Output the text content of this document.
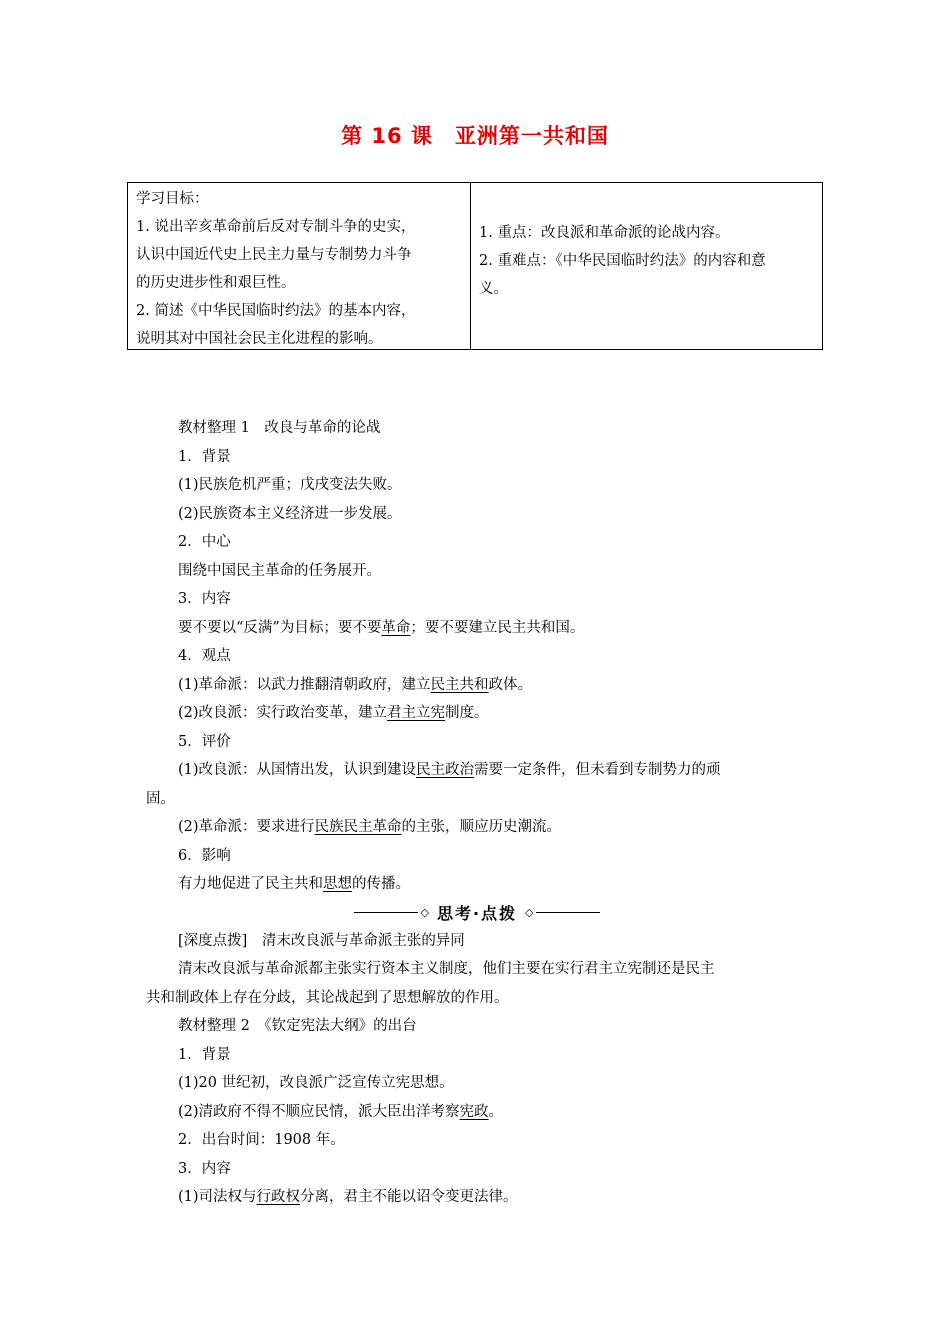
第 16 课　亚洲第一共和国
学习目标：
1. 说出辛亥革命前后反对专制斗争的史实，
认识中国近代史上民主力量与专制势力斗争
的历史进步性和艰巨性。
2. 简述《中华民国临时约法》的基本内容，
说明其对中国社会民主化进程的影响。
1. 重点：改良派和革命派的论战内容。
2. 重难点：《中华民国临时约法》的内容和意
义。
教材整理 1　改良与革命的论战
1．背景
(1)民族危机严重；戊戌变法失败。
(2)民族资本主义经济进一步发展。
2．中心
围绕中国民主革命的任务展开。
3．内容
要不要以“反满”为目标；要不要革命；要不要建立民主共和国。
4．观点
(1)革命派：以武力推翻清朝政府，建立民主共和政体。
(2)改良派：实行政治变革，建立君主立宪制度。
5．评价
(1)改良派：从国情出发，认识到建设民主政治需要一定条件，但未看到专制势力的顽
固。
(2)革命派：要求进行民族民主革命的主张，顺应历史潮流。
6．影响
有力地促进了民主共和思想的传播。
◇ 思考·点拨 ◇
[深度点拨]　清末改良派与革命派主张的异同
清末改良派与革命派都主张实行资本主义制度，他们主要在实行君主立宪制还是民主
共和制政体上存在分歧，其论战起到了思想解放的作用。
教材整理 2　《钦定宪法大纲》的出台
1．背景
(1)20 世纪初，改良派广泛宣传立宪思想。
(2)清政府不得不顺应民情，派大臣出洋考察宪政。
2．出台时间：1908 年。
3．内容
(1)司法权与行政权分离，君主不能以诏令变更法律。
